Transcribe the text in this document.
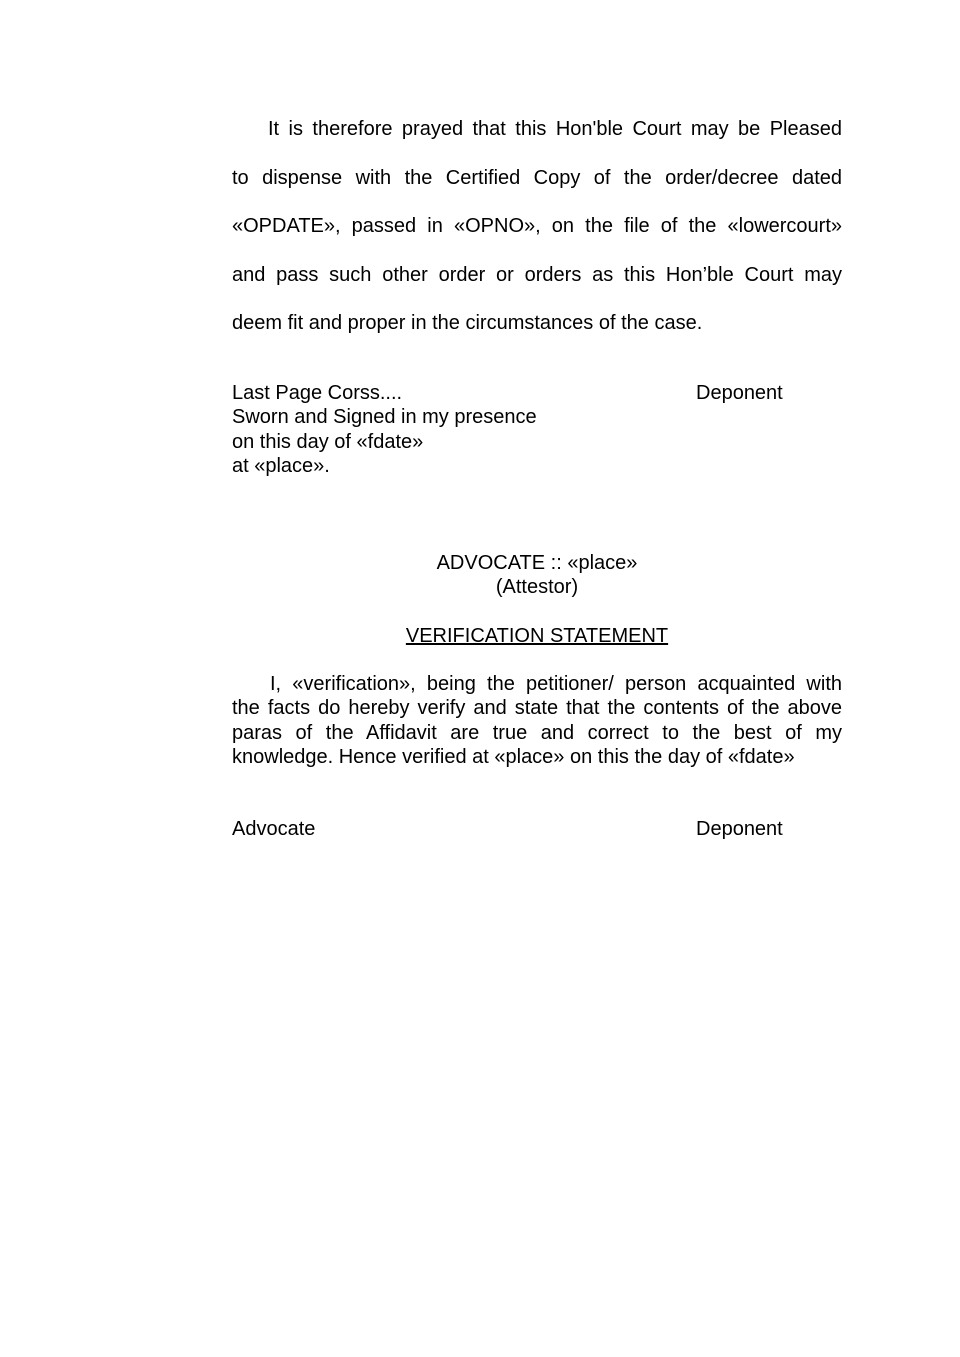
It is therefore prayed that this Hon'ble Court may be Pleased
to dispense with the Certified Copy of the order/decree dated
«OPDATE», passed in «OPNO», on the file of the «lowercourt»
and pass such other order or orders as this Hon’ble Court may
deem fit and proper in the circumstances of the case.
Last Page Corss....
Sworn and Signed in my presence
on this day of «fdate»
at «place».
Deponent
ADVOCATE :: «place»
(Attestor)
VERIFICATION STATEMENT
I, «verification», being the petitioner/ person acquainted with
the facts do hereby verify and state that the contents of the above
paras of the Affidavit are true and correct to the best of my
knowledge. Hence verified at «place» on this the day of «fdate»
Advocate	Deponent
